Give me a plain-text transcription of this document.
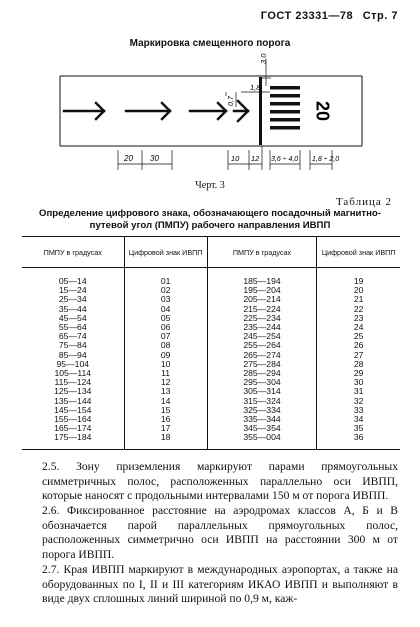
ГОСТ 23331—78 Стр. 7
Маркировка смещенного порога
20
3,0
1,8
0,7
20 30	10 12 3,6 ÷ 4,0 1,8 ÷ 2,0
Черт. 3
Таблица 2
Определение цифрового знака, обозначающего посадочный магнитно-путевой угол (ПМПУ) рабочего направления ИВПП
ПМПУ в градусах	Цифровой знак ИВПП	ПМПУ в градусах	Цифровой знак ИВПП
05—14	01	185—194	19
15—24	02	195—204	20
25—34	03	205—214	21
35—44	04	215—224	22
45—54	05	225—234	23
55—64	06	235—244	24
65—74	07	245—254	25
75—84	08	255—264	26
85—94	09	265—274	27
95—104	10	275—284	28
105—114	11	285—294	29
115—124	12	295—304	30
125—134	13	305—314	31
135—144	14	315—324	32
145—154	15	325—334	33
155—164	16	335—344	34
165—174	17	345—354	35
175—184	18	355—004	36
2.5. Зону приземления маркируют парами прямоугольных симметричных полос, расположенных параллельно оси ИВПП, которые наносят с продольными интервалами 150 м от порога ИВПП.
2.6. Фиксированное расстояние на аэродромах классов А, Б и В обозначается парой параллельных прямоугольных полос, расположенных симметрично оси ИВПП на расстоянии 300 м от порога ИВПП.
2.7. Края ИВПП маркируют в международных аэропортах, а также на оборудованных по I, II и III категориям ИКАО ИВПП и выполняют в виде двух сплошных линий шириной по 0,9 м, каж-
